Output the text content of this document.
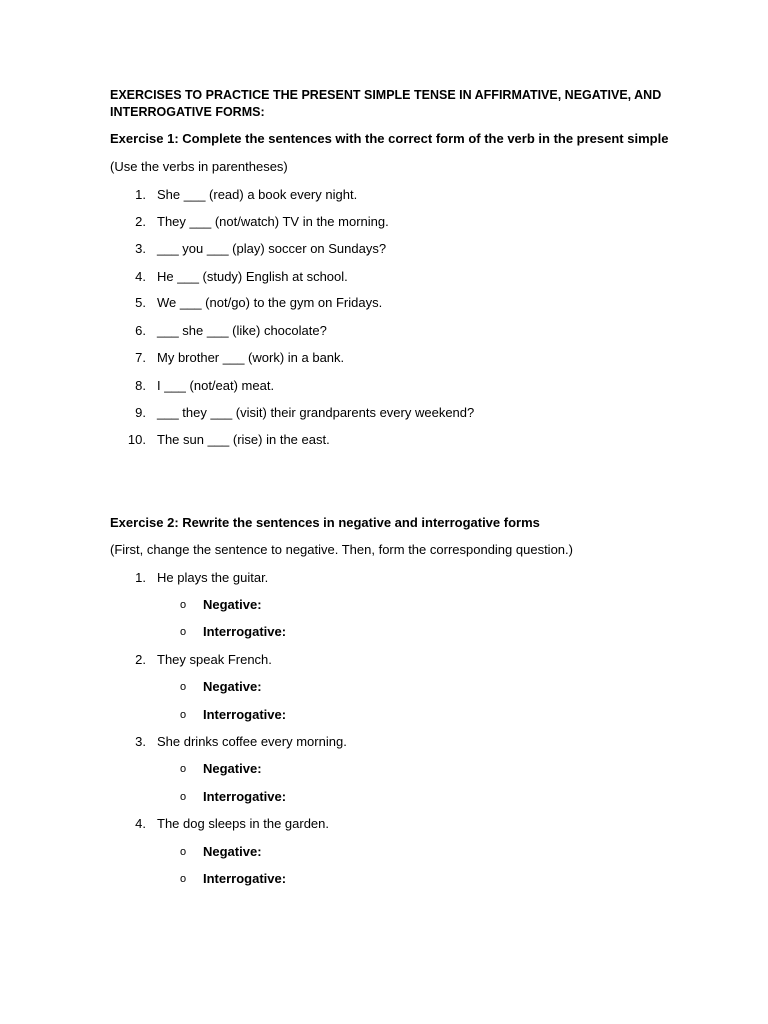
EXERCISES TO PRACTICE THE PRESENT SIMPLE TENSE IN AFFIRMATIVE, NEGATIVE, AND INTERROGATIVE FORMS:
Exercise 1: Complete the sentences with the correct form of the verb in the present simple
(Use the verbs in parentheses)
1. She ___ (read) a book every night.
2. They ___ (not/watch) TV in the morning.
3. ___ you ___ (play) soccer on Sundays?
4. He ___ (study) English at school.
5. We ___ (not/go) to the gym on Fridays.
6. ___ she ___ (like) chocolate?
7. My brother ___ (work) in a bank.
8. I ___ (not/eat) meat.
9. ___ they ___ (visit) their grandparents every weekend?
10. The sun ___ (rise) in the east.
Exercise 2: Rewrite the sentences in negative and interrogative forms
(First, change the sentence to negative. Then, form the corresponding question.)
1. He plays the guitar.
o Negative:
o Interrogative:
2. They speak French.
o Negative:
o Interrogative:
3. She drinks coffee every morning.
o Negative:
o Interrogative:
4. The dog sleeps in the garden.
o Negative:
o Interrogative:
